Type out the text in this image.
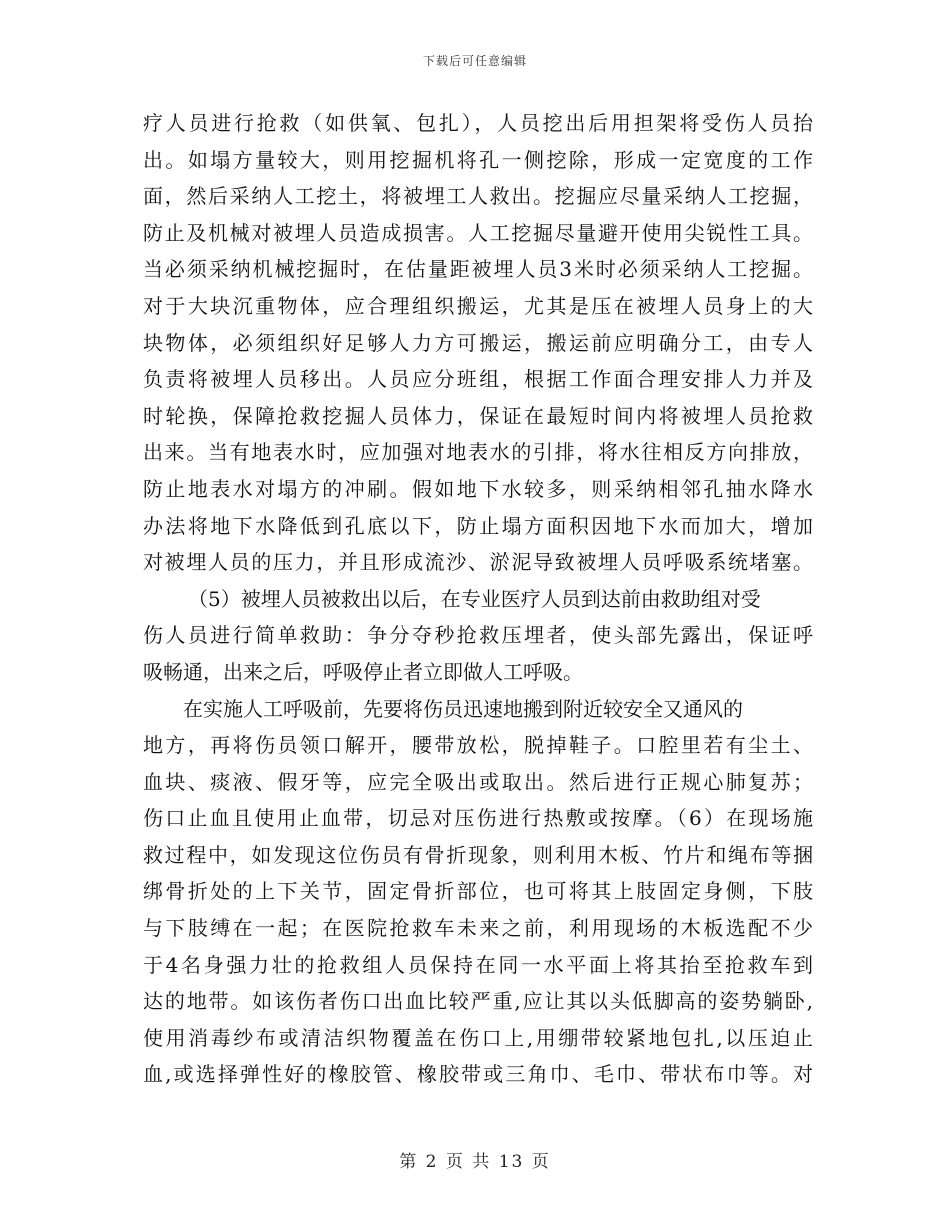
下载后可任意编辑
疗人员进行抢救（如供氧、包扎），人员挖出后用担架将受伤人员抬
出。如塌方量较大，则用挖掘机将孔一侧挖除，形成一定宽度的工作
面，然后采纳人工挖土，将被埋工人救出。挖掘应尽量采纳人工挖掘，
防止及机械对被埋人员造成损害。人工挖掘尽量避开使用尖锐性工具。
当必须采纳机械挖掘时，在估量距被埋人员3米时必须采纳人工挖掘。
对于大块沉重物体，应合理组织搬运，尤其是压在被埋人员身上的大
块物体，必须组织好足够人力方可搬运，搬运前应明确分工，由专人
负责将被埋人员移出。人员应分班组，根据工作面合理安排人力并及
时轮换，保障抢救挖掘人员体力，保证在最短时间内将被埋人员抢救
出来。当有地表水时，应加强对地表水的引排，将水往相反方向排放，
防止地表水对塌方的冲刷。假如地下水较多，则采纳相邻孔抽水降水
办法将地下水降低到孔底以下，防止塌方面积因地下水而加大，增加
对被埋人员的压力，并且形成流沙、淤泥导致被埋人员呼吸系统堵塞。
（5）被埋人员被救出以后，在专业医疗人员到达前由救助组对受
伤人员进行简单救助：争分夺秒抢救压埋者，使头部先露出，保证呼
吸畅通，出来之后，呼吸停止者立即做人工呼吸。
在实施人工呼吸前，先要将伤员迅速地搬到附近较安全又通风的
地方，再将伤员领口解开，腰带放松，脱掉鞋子。口腔里若有尘土、
血块、痰液、假牙等，应完全吸出或取出。然后进行正规心肺复苏；
伤口止血且使用止血带，切忌对压伤进行热敷或按摩。（6）在现场施
救过程中，如发现这位伤员有骨折现象，则利用木板、竹片和绳布等捆
绑骨折处的上下关节，固定骨折部位，也可将其上肢固定身侧，下肢
与下肢缚在一起；在医院抢救车未来之前，利用现场的木板选配不少
于4名身强力壮的抢救组人员保持在同一水平面上将其抬至抢救车到
达的地带。如该伤者伤口出血比较严重,应让其以头低脚高的姿势躺卧,
使用消毒纱布或清洁织物覆盖在伤口上,用绷带较紧地包扎,以压迫止
血,或选择弹性好的橡胶管、橡胶带或三角巾、毛巾、带状布巾等。对
第 2 页 共 13 页
